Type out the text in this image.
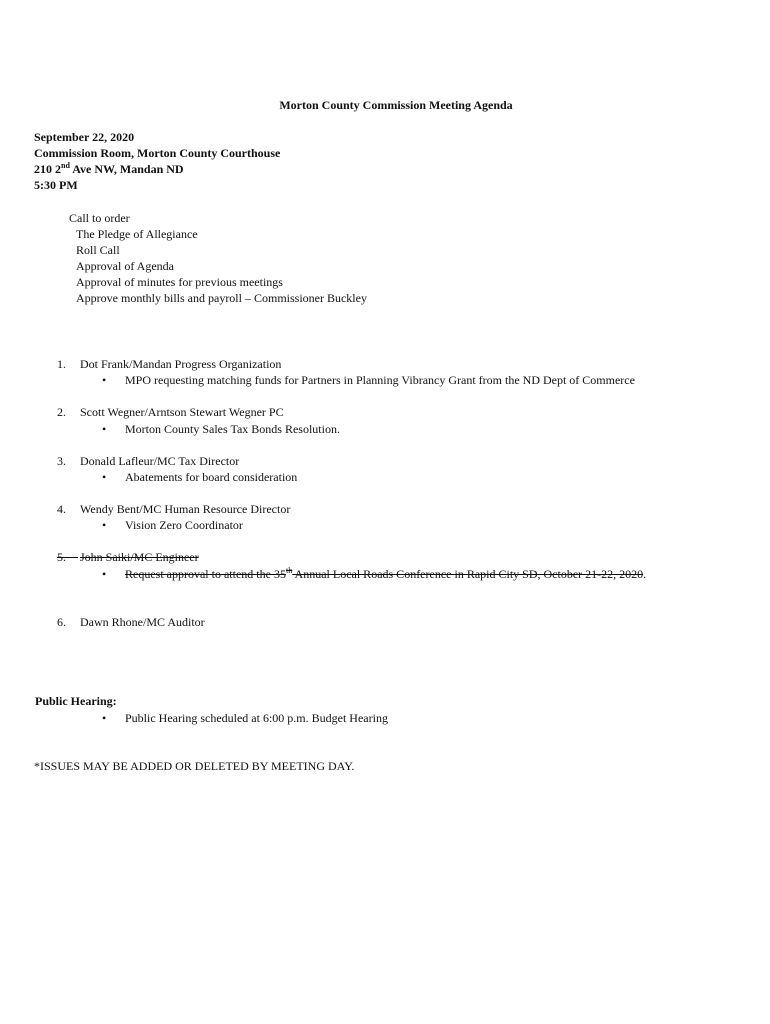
Morton County Commission Meeting Agenda
September 22, 2020
Commission Room, Morton County Courthouse
210 2nd Ave NW, Mandan ND
5:30 PM
Call to order
The Pledge of Allegiance
Roll Call
Approval of Agenda
Approval of minutes for previous meetings
Approve monthly bills and payroll – Commissioner Buckley
1. Dot Frank/Mandan Progress Organization
• MPO requesting matching funds for Partners in Planning Vibrancy Grant from the ND Dept of Commerce
2. Scott Wegner/Arntson Stewart Wegner PC
• Morton County Sales Tax Bonds Resolution.
3. Donald Lafleur/MC Tax Director
• Abatements for board consideration
4. Wendy Bent/MC Human Resource Director
• Vision Zero Coordinator
5.	John Saiki/MC Engineer
• Request approval to attend the 35th Annual Local Roads Conference in Rapid City SD, October 21-22, 2020.
6. Dawn Rhone/MC Auditor
Public Hearing:
• Public Hearing scheduled at 6:00 p.m. Budget Hearing
*ISSUES MAY BE ADDED OR DELETED BY MEETING DAY.
